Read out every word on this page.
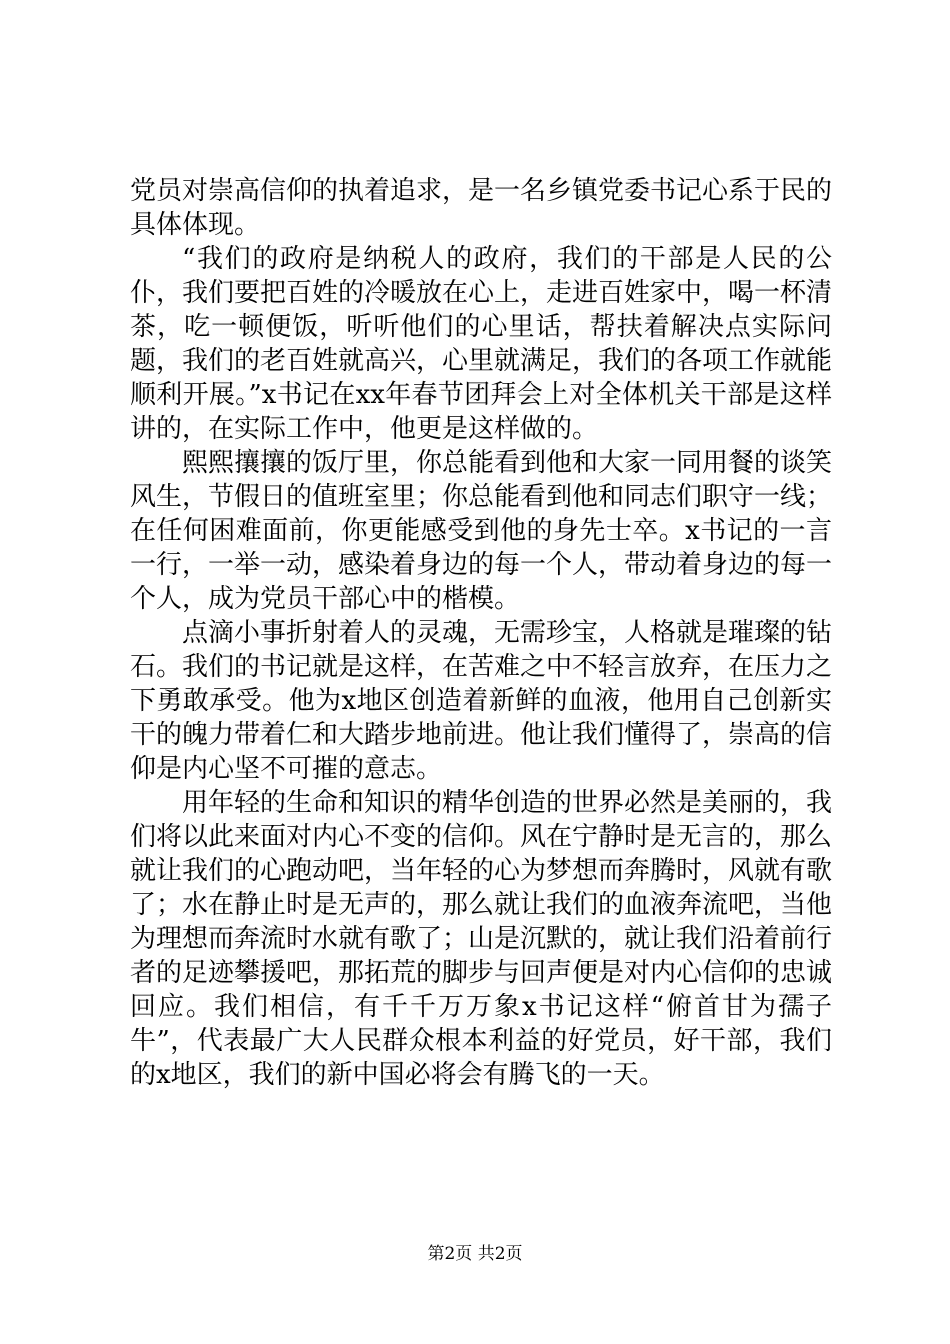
党员对崇高信仰的执着追求，是一名乡镇党委书记心系于民的具体体现。

“我们的政府是纳税人的政府，我们的干部是人民的公仆，我们要把百姓的冷暖放在心上，走进百姓家中，喝一杯清茶，吃一顿便饭，听听他们的心里话，帮扶着解决点实际问题，我们的老百姓就高兴，心里就满足，我们的各项工作就能顺利开展。”x书记在xx年春节团拜会上对全体机关干部是这样讲的，在实际工作中，他更是这样做的。

熙熙攘攘的饭厅里，你总能看到他和大家一同用餐的谈笑风生，节假日的值班室里；你总能看到他和同志们职守一线；在任何困难面前，你更能感受到他的身先士卒。x书记的一言一行，一举一动，感染着身边的每一个人，带动着身边的每一个人，成为党员干部心中的楷模。

点滴小事折射着人的灵魂，无需珍宝，人格就是璀璨的钻石。我们的书记就是这样，在苦难之中不轻言放弃，在压力之下勇敢承受。他为x地区创造着新鲜的血液，他用自己创新实干的魄力带着仁和大踏步地前进。他让我们懂得了，崇高的信仰是内心坚不可摧的意志。

用年轻的生命和知识的精华创造的世界必然是美丽的，我们将以此来面对内心不变的信仰。风在宁静时是无言的，那么就让我们的心跑动吧，当年轻的心为梦想而奔腾时，风就有歌了；水在静止时是无声的，那么就让我们的血液奔流吧，当他为理想而奔流时水就有歌了；山是沉默的，就让我们沿着前行者的足迹攀援吧，那拓荒的脚步与回声便是对内心信仰的忠诚回应。我们相信，有千千万万象x书记这样“俯首甘为孺子牛”，代表最广大人民群众根本利益的好党员，好干部，我们的x地区，我们的新中国必将会有腾飞的一天。

第2页 共2页
